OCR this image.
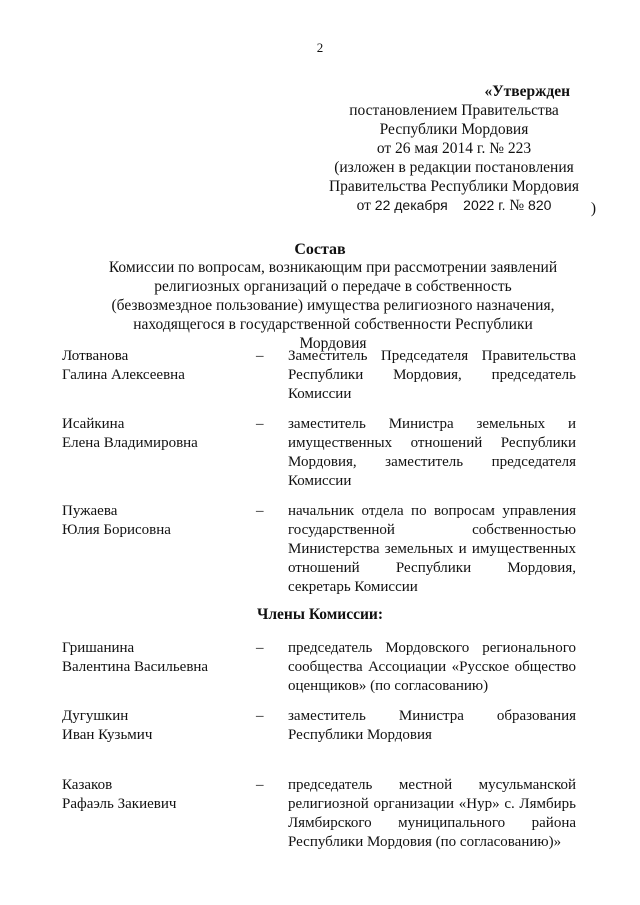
2
«Утвержден
постановлением Правительства
Республики Мордовия
от 26 мая 2014 г. № 223
(изложен в редакции постановления
Правительства Республики Мордовия
от 22 декабря 2022 г. № 820	)
Состав
Комиссии по вопросам, возникающим при рассмотрении заявлений религиозных организаций о передаче в собственность (безвозмездное пользование) имущества религиозного назначения, находящегося в государственной собственности Республики Мордовия
Лотванова
Галина Алексеевна
– Заместитель Председателя Правительства Республики Мордовия, председатель Комиссии
Исайкина
Елена Владимировна
– заместитель Министра земельных и имущественных отношений Республики Мордовия, заместитель председателя Комиссии
Пужаева
Юлия Борисовна
– начальник отдела по вопросам управления государственной собственностью Министерства земельных и имущественных отношений Республики Мордовия, секретарь Комиссии
Члены Комиссии:
Гришанина
Валентина Васильевна
– председатель Мордовского регионального сообщества Ассоциации «Русское общество оценщиков» (по согласованию)
Дугушкин
Иван Кузьмич
– заместитель Министра образования Республики Мордовия
Казаков
Рафаэль Закиевич
– председатель местной мусульманской религиозной организации «Нур» с. Лямбирь Лямбирского муниципального района Республики Мордовия (по согласованию)»
